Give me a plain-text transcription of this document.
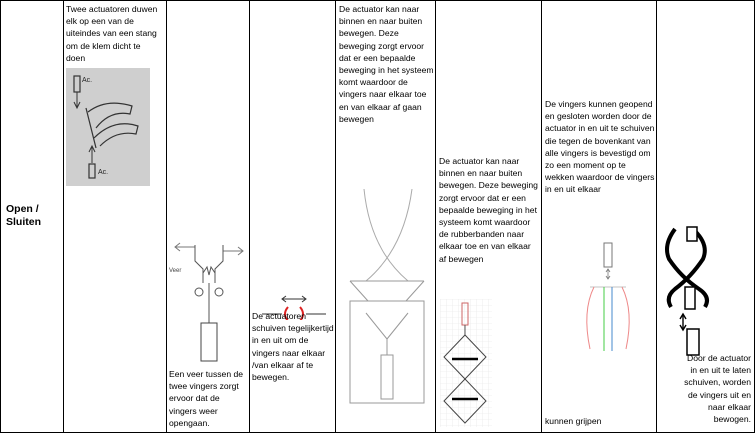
Open / Sluiten
Twee actuatoren duwen elk op een van de uiteindes van een stang om de klem dicht te doen
Ac.
Ac.
Veer
Een veer tussen de twee vingers zorgt ervoor dat de vingers weer opengaan.
De actuatoren schuiven tegelijkertijd in en uit om de vingers naar elkaar /van elkaar af te bewegen.
De actuator kan naar binnen en naar buiten bewegen. Deze beweging zorgt ervoor dat er een bepaalde beweging in het systeem komt waardoor de vingers naar elkaar toe en van elkaar af gaan bewegen
De actuator kan naar binnen en naar buiten bewegen. Deze beweging zorgt ervoor dat er een bepaalde beweging in het systeem komt waardoor de rubberbanden naar elkaar toe en van elkaar af bewegen
De vingers kunnen geopend en gesloten worden door de actuator in en uit te schuiven die tegen de bovenkant van alle vingers is bevestigd om zo een moment op te wekken waardoor de vingers in en uit elkaar
kunnen grijpen
Door de actuator in en uit te laten schuiven, worden de vingers uit en naar elkaar bewogen.
